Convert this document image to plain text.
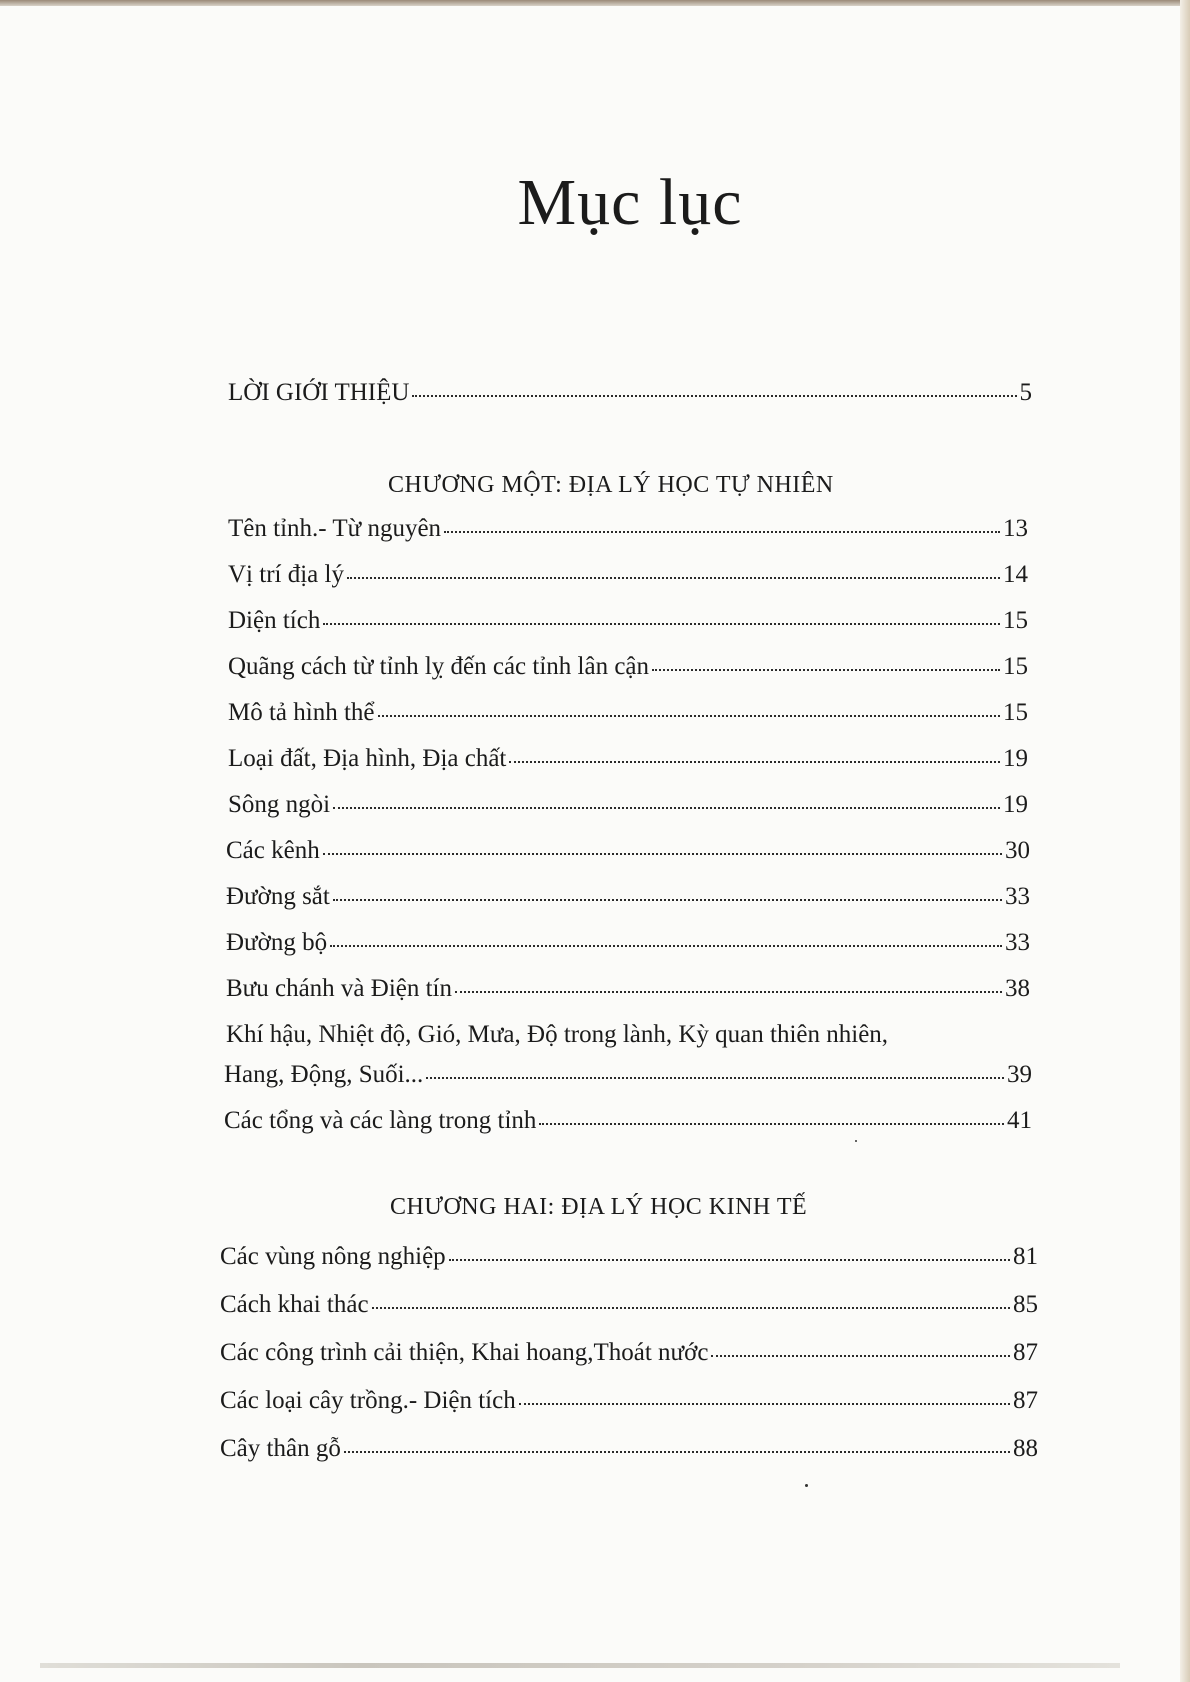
Mục lục
LỜI GIỚI THIỆU	5
CHƯƠNG MỘT: ĐỊA LÝ HỌC TỰ NHIÊN
Tên tỉnh.- Từ nguyên	13
Vị trí địa lý	14
Diện tích	15
Quãng cách từ tỉnh lỵ đến các tỉnh lân cận	15
Mô tả hình thể	15
Loại đất, Địa hình, Địa chất	19
Sông ngòi	19
Các kênh	30
Đường sắt	33
Đường bộ	33
Bưu chánh và Điện tín	38
Khí hậu, Nhiệt độ, Gió, Mưa, Độ trong lành, Kỳ quan thiên nhiên,
Hang, Động, Suối...	39
Các tổng và các làng trong tỉnh	41
CHƯƠNG HAI: ĐỊA LÝ HỌC KINH TẾ
Các vùng nông nghiệp	81
Cách khai thác	85
Các công trình cải thiện, Khai hoang,Thoát nước	87
Các loại cây trồng.- Diện tích	87
Cây thân gỗ	88
